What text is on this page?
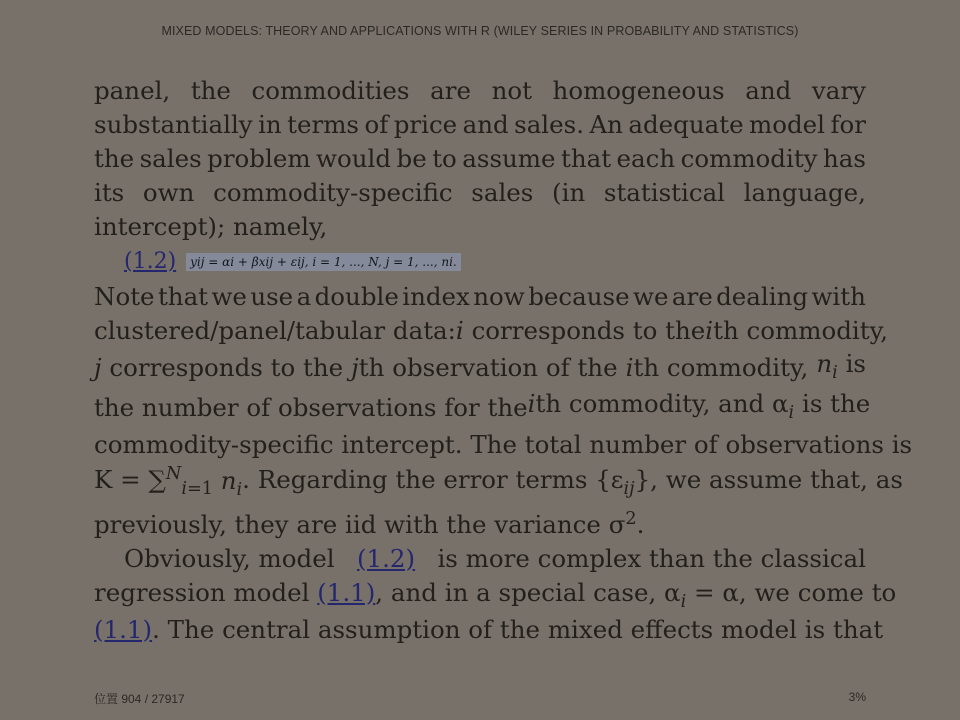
MIXED MODELS: THEORY AND APPLICATIONS WITH R (WILEY SERIES IN PROBABILITY AND STATISTICS)
panel, the commodities are not homogeneous and vary
substantially in terms of price and sales. An adequate model for
the sales problem would be to assume that each commodity has
its own commodity-specific sales (in statistical language,
intercept); namely,
(1.2)	yij = αi + βxij + εij, i = 1, ..., N, j = 1, ..., ni.
Note that we use a double index now because we are dealing with
clustered/panel/tabular data: i corresponds to the ith commodity,
j corresponds to the jth observation of the ith commodity, $n_i$ is
the number of observations for the ith commodity, and $\alpha_i$ is the
commodity-specific intercept. The total number of observations is
K = ∑$^N_{i=1}$ $n_i$. Regarding the error terms $\{\varepsilon_{ij}\}$, we assume that, as
previously, they are iid with the variance $\sigma^2$.
Obviously, model (1.2) is more complex than the classical
regression model (1.1), and in a special case, $\alpha_i = \alpha$, we come to
(1.1). The central assumption of the mixed effects model is that
位置 904 / 27917	3%
